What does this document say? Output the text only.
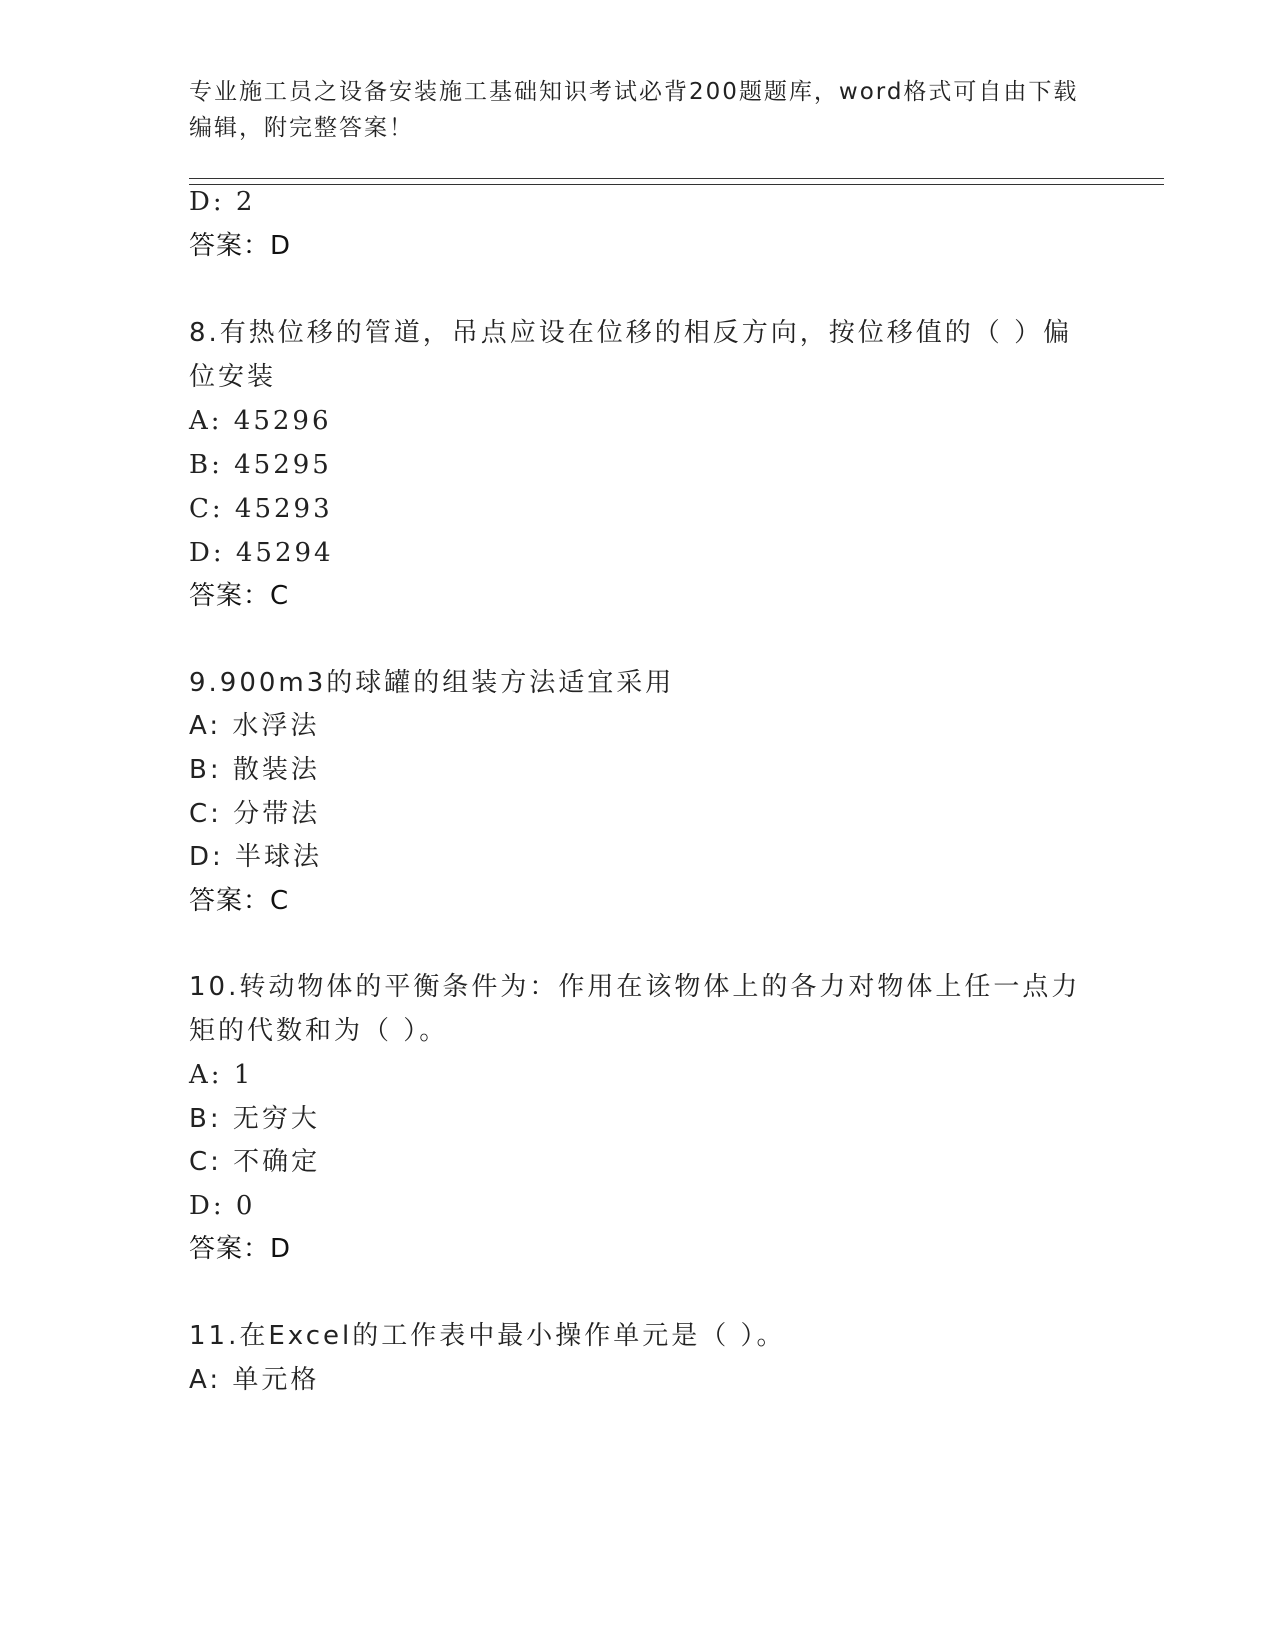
专业施工员之设备安装施工基础知识考试必背200题题库，word格式可自由下载编辑，附完整答案！
D: 2
答案：D
8.有热位移的管道，吊点应设在位移的相反方向，按位移值的（ ）偏
位安装
A: 45296
B: 45295
C: 45293
D: 45294
答案：C
9.900m3的球罐的组装方法适宜采用
A: 水浮法
B: 散装法
C: 分带法
D: 半球法
答案：C
10.转动物体的平衡条件为：作用在该物体上的各力对物体上任一点力
矩的代数和为（ ）。
A: 1
B: 无穷大
C: 不确定
D: 0
答案：D
11.在Excel的工作表中最小操作单元是（ ）。
A: 单元格
